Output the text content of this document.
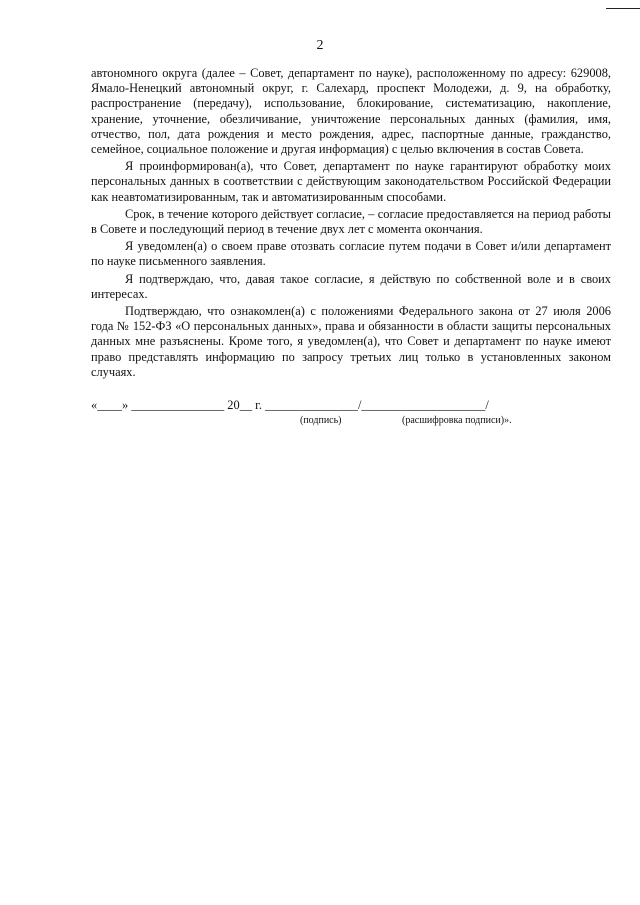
2

автономного округа (далее – Совет, департамент по науке), расположенному по адресу: 629008, Ямало-Ненецкий автономный округ, г. Салехард, проспект Молодежи, д. 9, на обработку, распространение (передачу), использование, блокирование, систематизацию, накопление, хранение, уточнение, обезличивание, уничтожение персональных данных (фамилия, имя, отчество, пол, дата рождения и место рождения, адрес, паспортные данные, гражданство, семейное, социальное положение и другая информация) с целью включения в состав Совета.

Я проинформирован(а), что Совет, департамент по науке гарантируют обработку моих персональных данных в соответствии с действующим законодательством Российской Федерации как неавтоматизированным, так и автоматизированным способами.

Срок, в течение которого действует согласие, – согласие предоставляется на период работы в Совете и последующий период в течение двух лет с момента окончания.

Я уведомлен(а) о своем праве отозвать согласие путем подачи в Совет и/или департамент по науке письменного заявления.

Я подтверждаю, что, давая такое согласие, я действую по собственной воле и в своих интересах.

Подтверждаю, что ознакомлен(а) с положениями Федерального закона от 27 июля 2006 года № 152-ФЗ «О персональных данных», права и обязанности в области защиты персональных данных мне разъяснены. Кроме того, я уведомлен(а), что Совет и департамент по науке имеют право представлять информацию по запросу третьих лиц только в установленных законом случаях.

«____» _______________ 20__ г. _______________/____________________/
(подпись)	(расшифровка подписи)».
